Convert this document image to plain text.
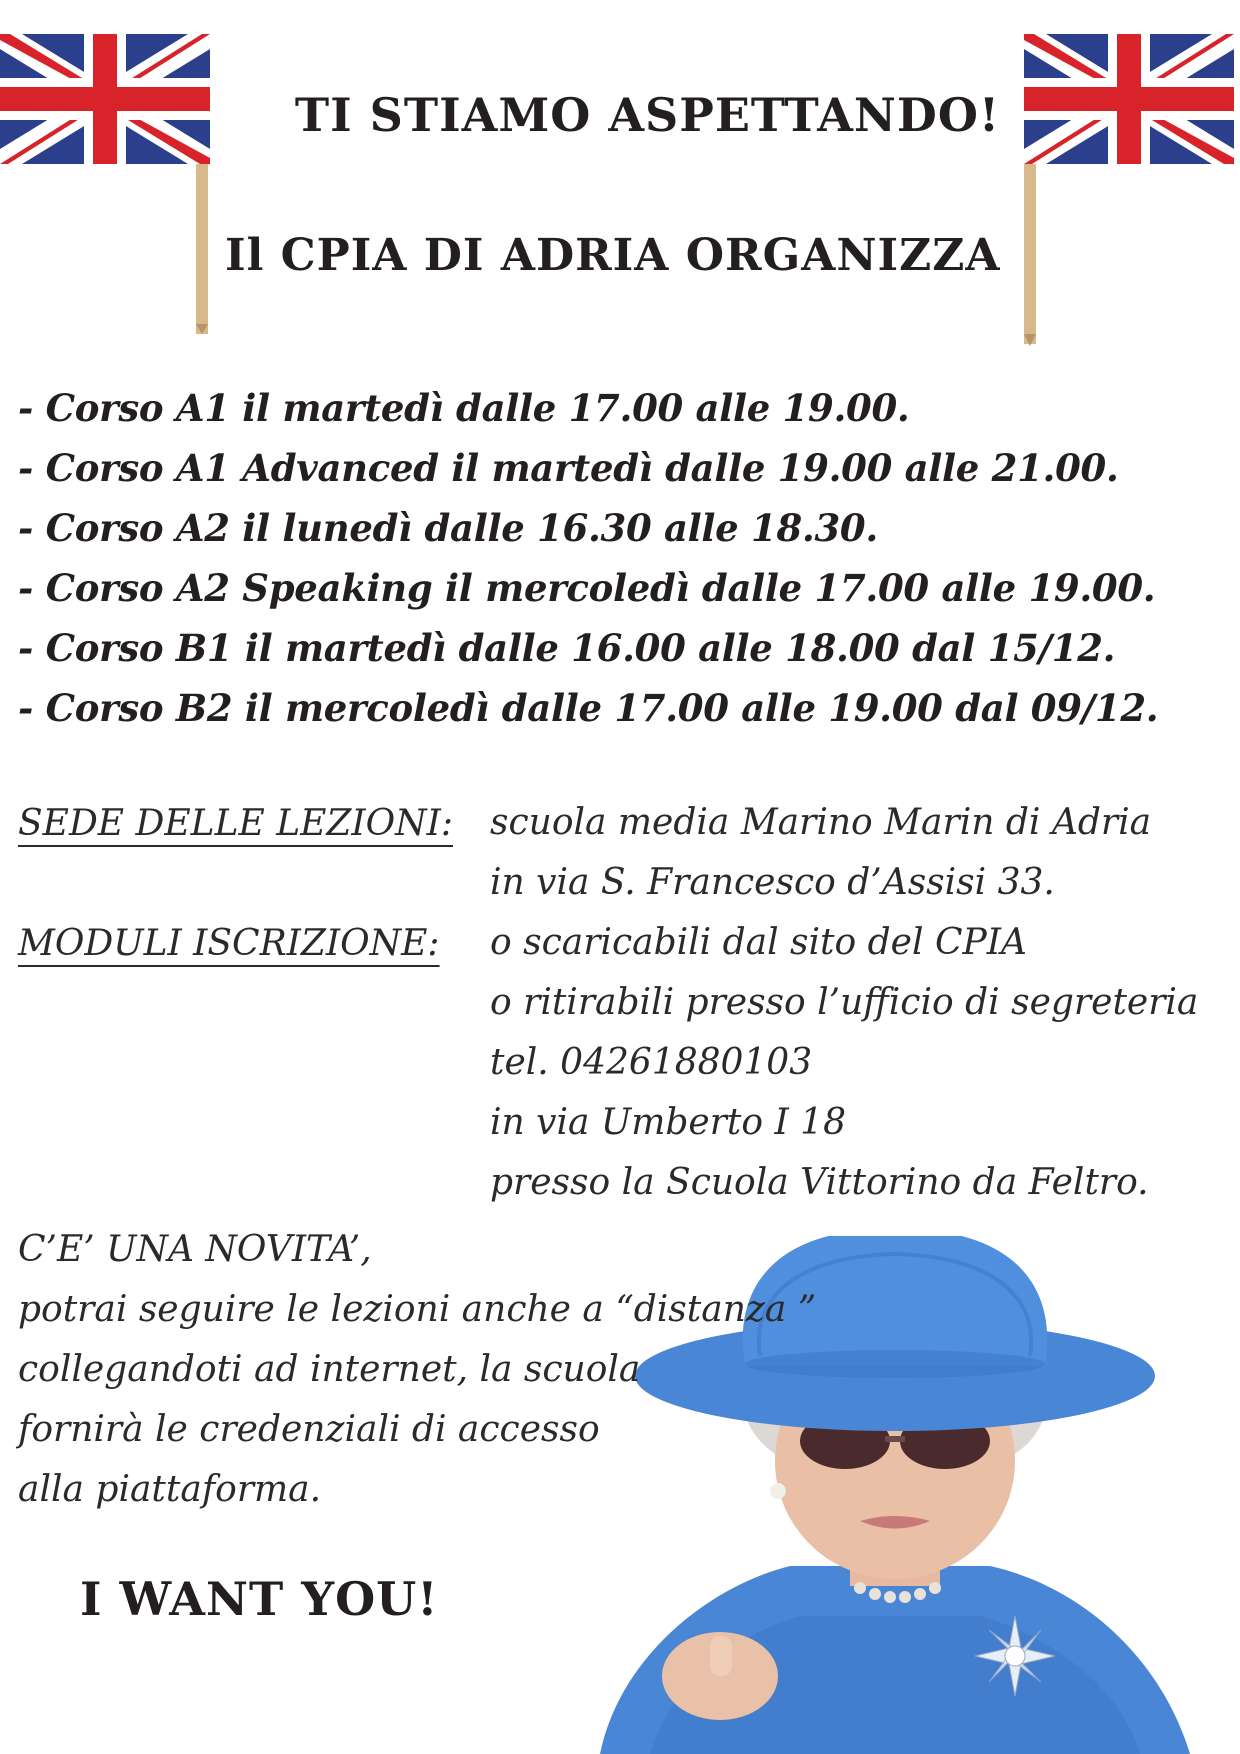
TI STIAMO ASPETTANDO!
Il CPIA DI ADRIA ORGANIZZA
- Corso A1 il martedì dalle 17.00 alle 19.00.
- Corso A1 Advanced il martedì dalle 19.00 alle 21.00.
- Corso A2 il lunedì dalle 16.30 alle 18.30.
- Corso A2 Speaking il mercoledì dalle 17.00 alle 19.00.
- Corso B1 il martedì dalle 16.00 alle 18.00 dal 15/12.
- Corso B2 il mercoledì dalle 17.00 alle 19.00 dal 09/12.
SEDE DELLE LEZIONI: scuola media Marino Marin di Adria
in via S. Francesco d’Assisi 33.
MODULI ISCRIZIONE: o scaricabili dal sito del CPIA
o ritirabili presso l’ufficio di segreteria
tel. 04261880103
in via Umberto I 18
presso la Scuola Vittorino da Feltro.
C’E’ UNA NOVITA’,
potrai seguire le lezioni anche a “distanza ”
collegandoti ad internet, la scuola
fornirà le credenziali di accesso
alla piattaforma.
I WANT YOU!
